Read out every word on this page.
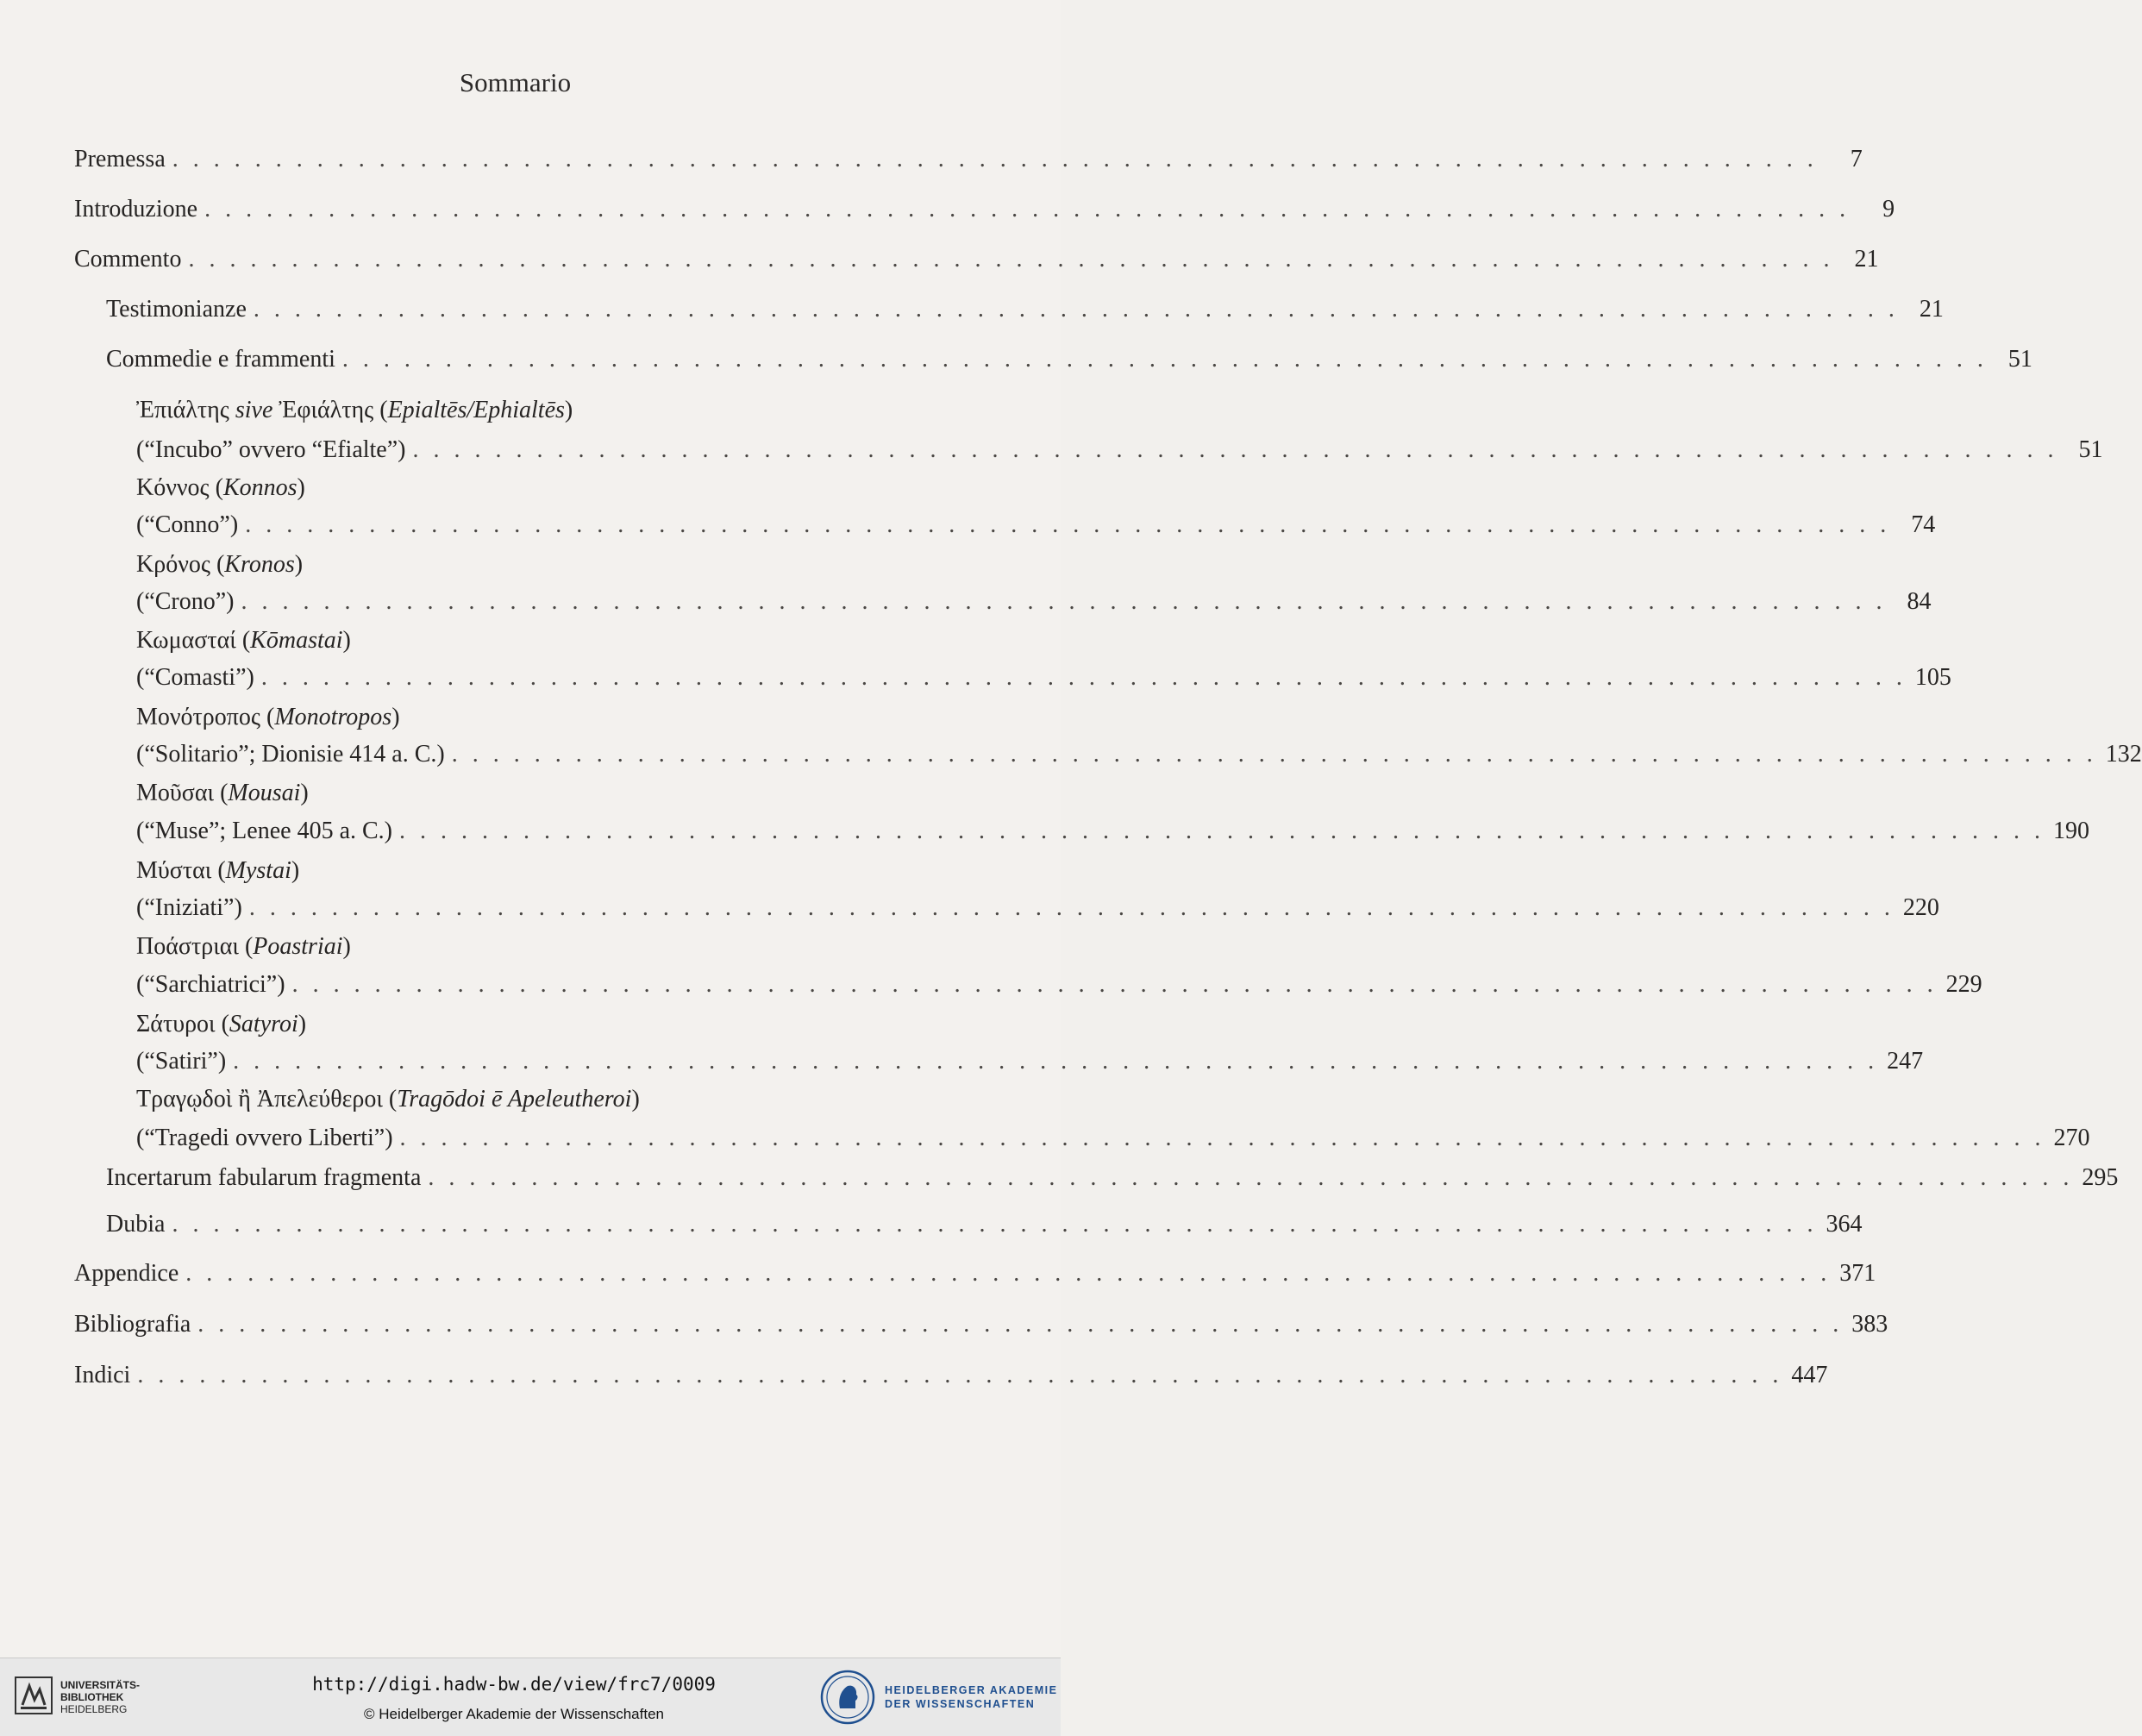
Sommario
Premessa . . . . . . . . . . . . . . . . . . . . . . . . . . . . . . . . . . . . . . . . . . . . . . . . . . . . . . . . . . . . . . . . . . . . . . . . . . . . . . . .	7
Introduzione . . . . . . . . . . . . . . . . . . . . . . . . . . . . . . . . . . . . . . . . . . . . . . . . . . . . . . . . . . . . . . . . . . . . . . . . . . . . . . . .	9
Commento . . . . . . . . . . . . . . . . . . . . . . . . . . . . . . . . . . . . . . . . . . . . . . . . . . . . . . . . . . . . . . . . . . . . . . . . . . . . . . . . 21
Testimonianze . . . . . . . . . . . . . . . . . . . . . . . . . . . . . . . . . . . . . . . . . . . . . . . . . . . . . . . . . . . . . . . . . . . . . . . . . . . . . . . . 21
Commedie e frammenti . . . . . . . . . . . . . . . . . . . . . . . . . . . . . . . . . . . . . . . . . . . . . . . . . . . . . . . . . . . . . . . . . . . . . . . . . . . . . . . . 51
Ἐπιάλτης sive Ἐφιάλτης (Epialtēs/Ephialtēs)
(“Incubo” ovvero “Efialte”) . . . . . . . . . . . . . . . . . . . . . . . . . . . . . . . . . . . . . . . . . . . . . . . . . . . . . . . . . . . . . . . . . . . . . . . . . . . . . . . . 51
Κόννος (Konnos)
(“Conno”) . . . . . . . . . . . . . . . . . . . . . . . . . . . . . . . . . . . . . . . . . . . . . . . . . . . . . . . . . . . . . . . . . . . . . . . . . . . . . . . . 74
Κρόνος (Kronos)
(“Crono”) . . . . . . . . . . . . . . . . . . . . . . . . . . . . . . . . . . . . . . . . . . . . . . . . . . . . . . . . . . . . . . . . . . . . . . . . . . . . . . . . 84
Κωμασταί (Kōmastai)
(“Comasti”) . . . . . . . . . . . . . . . . . . . . . . . . . . . . . . . . . . . . . . . . . . . . . . . . . . . . . . . . . . . . . . . . . . . . . . . . . . . . . . . . 105
Μονότροπος (Monotropos)
(“Solitario”; Dionisie 414 a. C.) . . . . . . . . . . . . . . . . . . . . . . . . . . . . . . . . . . . . . . . . . . . . . . . . . . . . . . . . . . . . . . . . . . . . . . . . . . . . . . . . 132
Μοῦσαι (Mousai)
(“Muse”; Lenee 405 a. C.) . . . . . . . . . . . . . . . . . . . . . . . . . . . . . . . . . . . . . . . . . . . . . . . . . . . . . . . . . . . . . . . . . . . . . . . . . . . . . . . . 190
Μύσται (Mystai)
(“Iniziati”) . . . . . . . . . . . . . . . . . . . . . . . . . . . . . . . . . . . . . . . . . . . . . . . . . . . . . . . . . . . . . . . . . . . . . . . . . . . . . . . . 220
Ποάστριαι (Poastriai)
(“Sarchiatrici”) . . . . . . . . . . . . . . . . . . . . . . . . . . . . . . . . . . . . . . . . . . . . . . . . . . . . . . . . . . . . . . . . . . . . . . . . . . . . . . . . 229
Σάτυροι (Satyroi)
(“Satiri”) . . . . . . . . . . . . . . . . . . . . . . . . . . . . . . . . . . . . . . . . . . . . . . . . . . . . . . . . . . . . . . . . . . . . . . . . . . . . . . . . 247
Τραγῳδοὶ ἢ Ἀπελεύθεροι (Tragōdoi ē Apeleutheroi)
(“Tragedi ovvero Liberti”) . . . . . . . . . . . . . . . . . . . . . . . . . . . . . . . . . . . . . . . . . . . . . . . . . . . . . . . . . . . . . . . . . . . . . . . . . . . . . . . . 270
Incertarum fabularum fragmenta . . . . . . . . . . . . . . . . . . . . . . . . . . . . . . . . . . . . . . . . . . . . . . . . . . . . . . . . . . . . . . . . . . . . . . . . . . . . . . . . 295
Dubia . . . . . . . . . . . . . . . . . . . . . . . . . . . . . . . . . . . . . . . . . . . . . . . . . . . . . . . . . . . . . . . . . . . . . . . . . . . . . . . . 364
Appendice . . . . . . . . . . . . . . . . . . . . . . . . . . . . . . . . . . . . . . . . . . . . . . . . . . . . . . . . . . . . . . . . . . . . . . . . . . . . . . . . 371
Bibliografia . . . . . . . . . . . . . . . . . . . . . . . . . . . . . . . . . . . . . . . . . . . . . . . . . . . . . . . . . . . . . . . . . . . . . . . . . . . . . . . . 383
Indici . . . . . . . . . . . . . . . . . . . . . . . . . . . . . . . . . . . . . . . . . . . . . . . . . . . . . . . . . . . . . . . . . . . . . . . . . . . . . . . . 447
UNIVERSITÄTS-
BIBLIOTHEK
HEIDELBERG
http://digi.hadw-bw.de/view/frc7/0009
© Heidelberger Akademie der Wissenschaften
HEIDELBERGER AKADEMIE
DER WISSENSCHAFTEN
